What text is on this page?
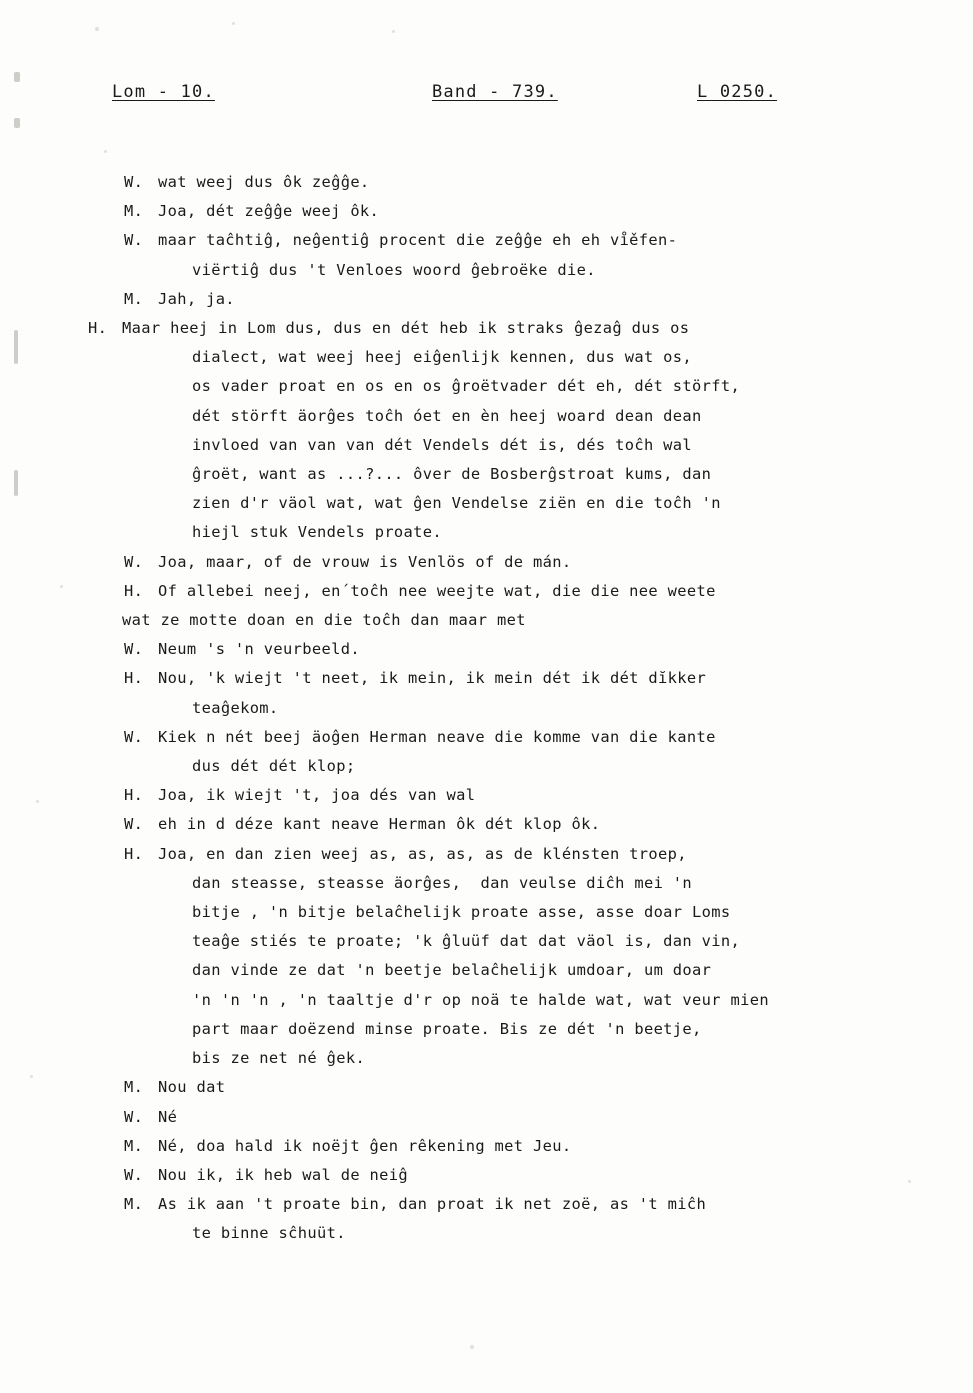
Lom - 10.	Band - 739.	L 0250.
W. wat weej dus ôk zeĝĝe.
M. Joa, dét zeĝĝe weej ôk.
W. maar taĉhtiĝ, neĝentiĝ procent die zeĝĝe eh eh vi̊ěfen-
viërtiĝ dus 't Venloes woord ĝebroëke die.
M. Jah, ja.
H. Maar heej in Lom dus, dus en dét heb ik straks ĝezaĝ dus os
dialect, wat weej heej eiĝenlijk kennen, dus wat os,
os vader proat en os en os ĝroëtvader dét eh, dét störft,
dét störft äorĝes toĉh óet en èn heej woard dean dean
invloed van van van dét Vendels dét is, dés toĉh wal
ĝroët, want as ...?... ôver de Bosberĝstroat kums, dan
zien d'r väol wat, wat ĝen Vendelse ziën en die toĉh 'n
hiejl stuk Vendels proate.
W. Joa, maar, of de vrouw is Venlös of de mán.
H. Of allebei neej, en´toĉh nee weejte wat, die die nee weete
wat ze motte doan en die toĉh dan maar met
W. Neum 's 'n veurbeeld.
H. Nou, 'k wiejt 't neet, ik mein, ik mein dét ik dét dĭkker
teaĝekom.
W. Kiek n nét beej äoĝen Herman neave die komme van die kante
dus dét dét klop;
H. Joa, ik wiejt 't, joa dés van wal
W. eh in d déze kant neave Herman ôk dét klop ôk.
H. Joa, en dan zien weej as, as, as, as de klénsten troep,
dan steasse, steasse äorĝes,  dan veulse diĉh mei 'n
bitje , 'n bitje belaĉhelijk proate asse, asse doar Loms
teaĝe stiés te proate; 'k ĝluüf dat dat väol is, dan vin,
dan vinde ze dat 'n beetje belaĉhelijk umdoar, um doar
'n 'n 'n , 'n taaltje d'r op noä te halde wat, wat veur mien
part maar doëzend minse proate. Bis ze dét 'n beetje,
bis ze net né ĝek.
M. Nou dat
W. Né
M. Né, doa hald ik noëjt ĝen rêkening met Jeu.
W. Nou ik, ik heb wal de neiĝ
M. As ik aan 't proate bin, dan proat ik net zoë, as 't miĉh
te binne sĉhuüt.
